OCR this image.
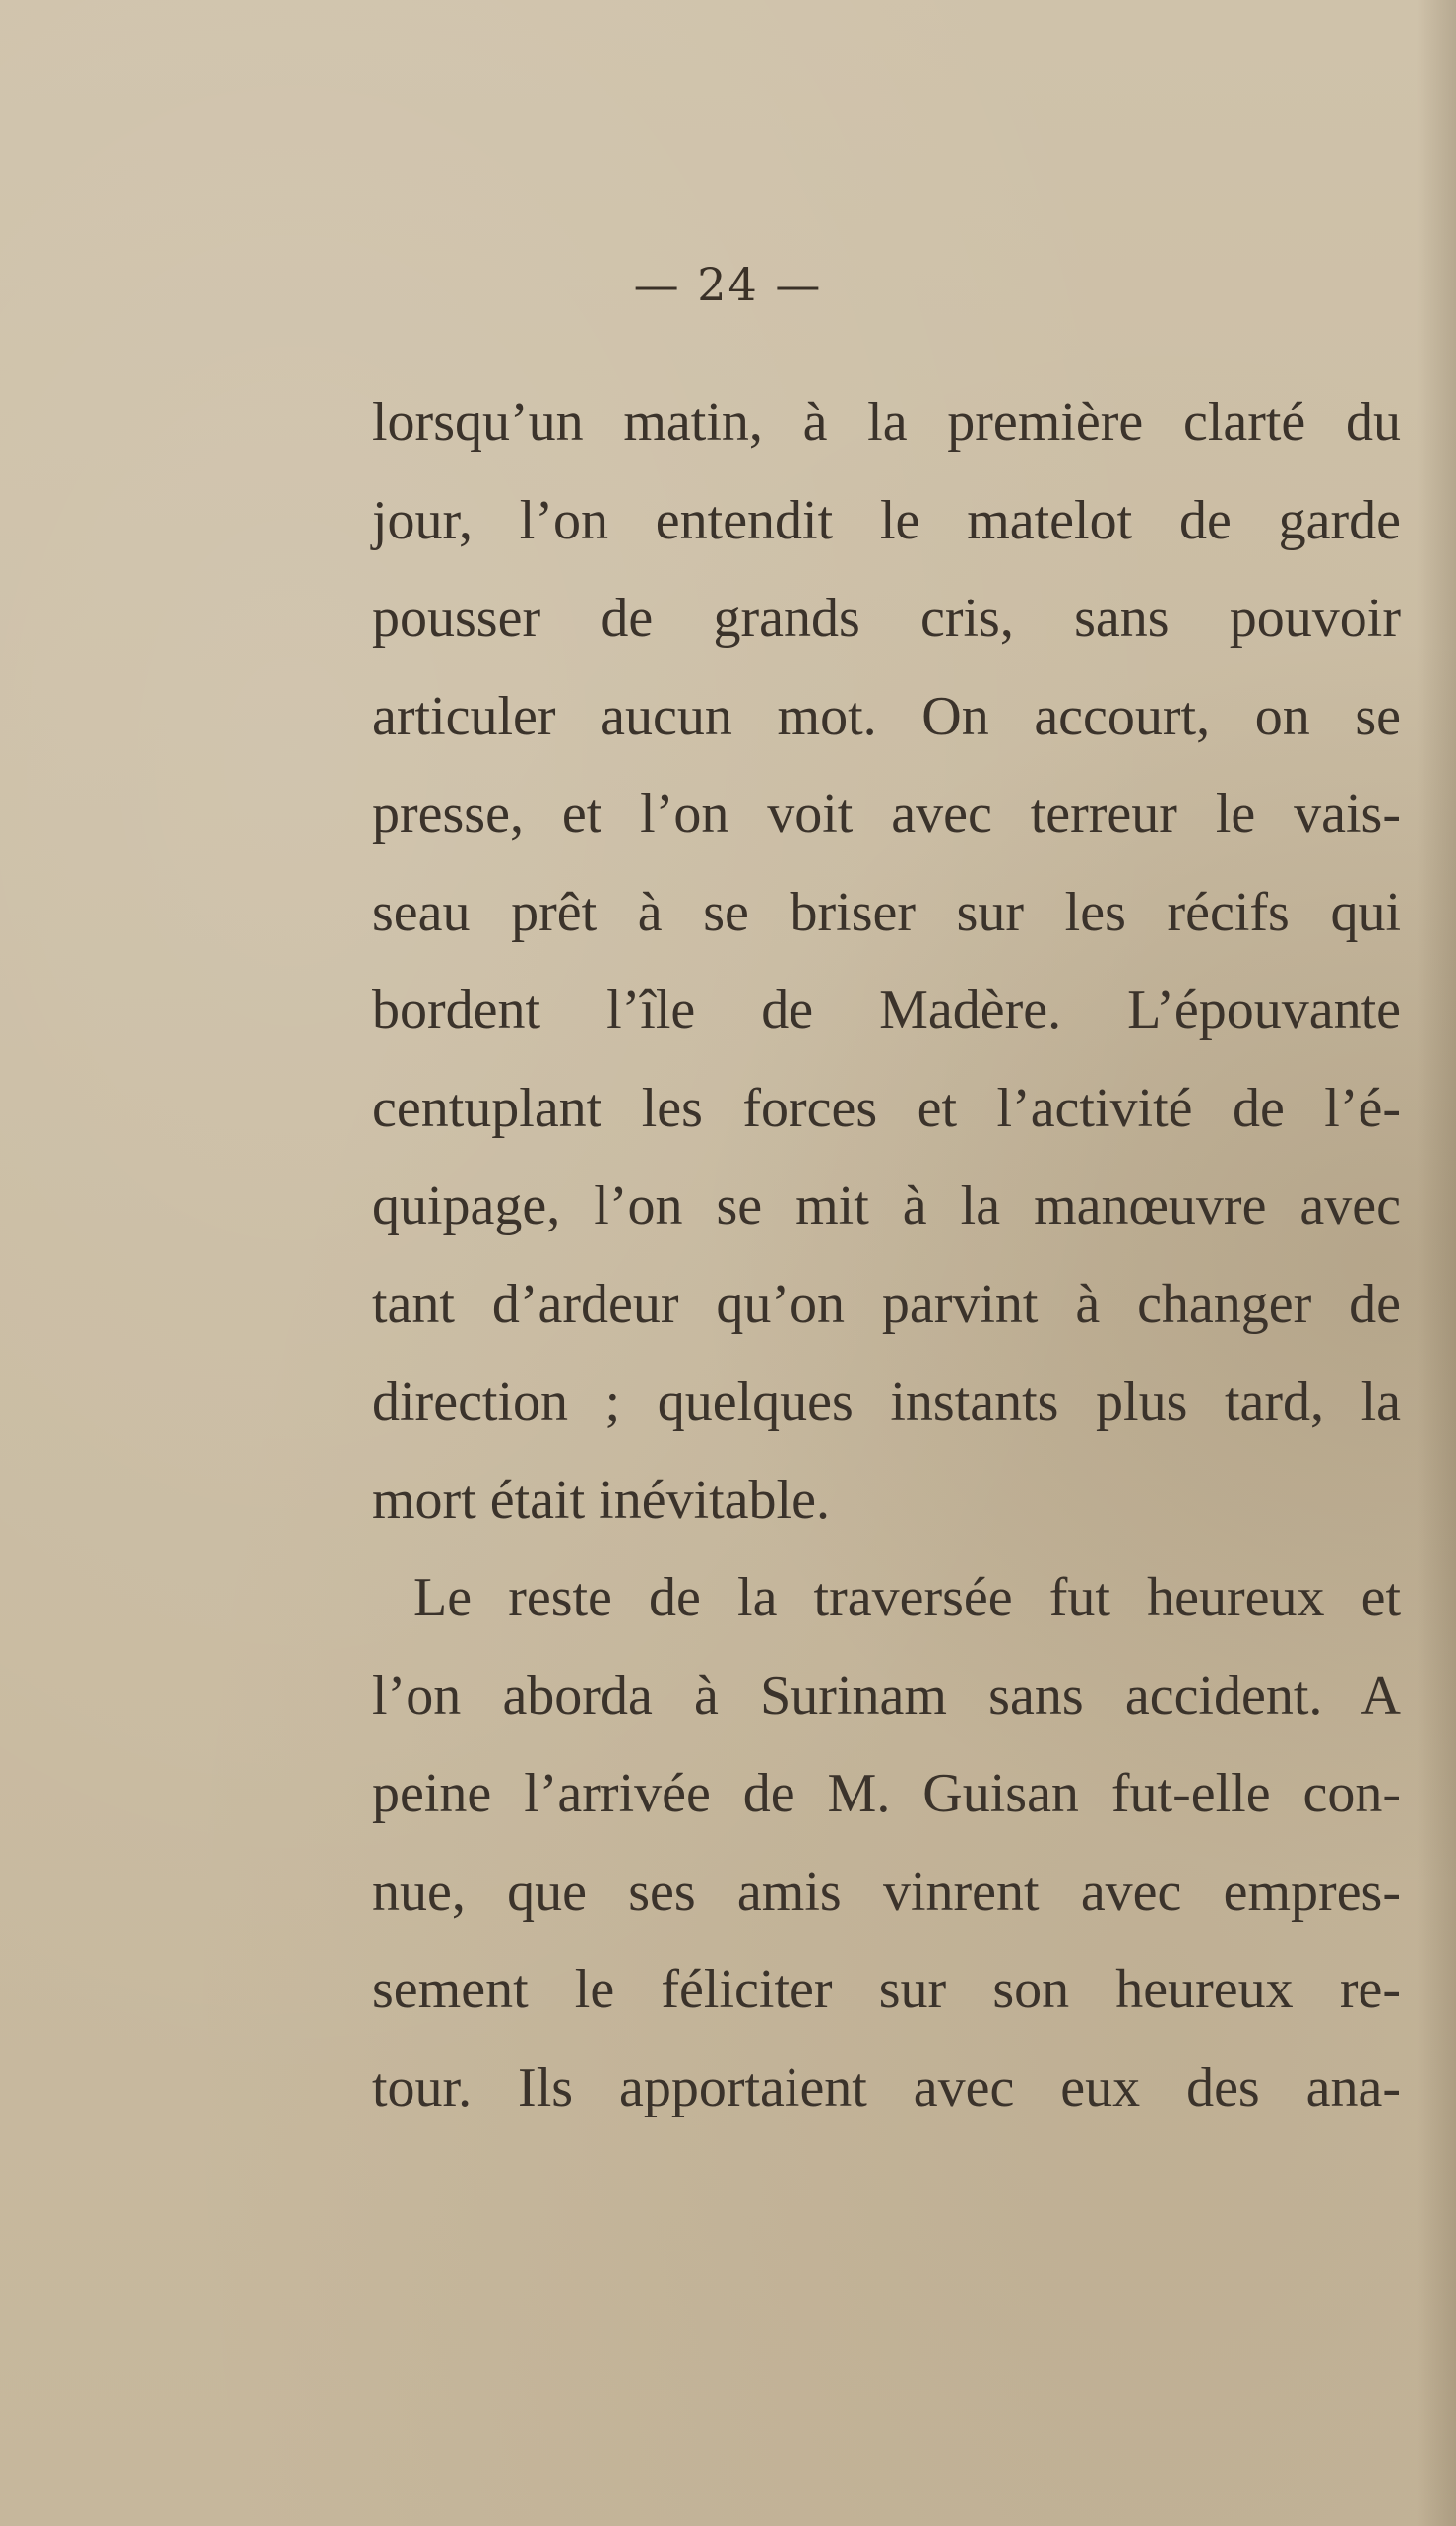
— 24 —
lorsqu’un matin, à la première clarté du
jour, l’on entendit le matelot de garde
pousser de grands cris, sans pouvoir
articuler aucun mot. On accourt, on se
presse, et l’on voit avec terreur le vais-
seau prêt à se briser sur les récifs qui
bordent l’île de Madère. L’épouvante
centuplant les forces et l’activité de l’é-
quipage, l’on se mit à la manœuvre avec
tant d’ardeur qu’on parvint à changer de
direction ; quelques instants plus tard, la
mort était inévitable.
Le reste de la traversée fut heureux et
l’on aborda à Surinam sans accident. A
peine l’arrivée de M. Guisan fut-elle con-
nue, que ses amis vinrent avec empres-
sement le féliciter sur son heureux re-
tour. Ils apportaient avec eux des ana-
